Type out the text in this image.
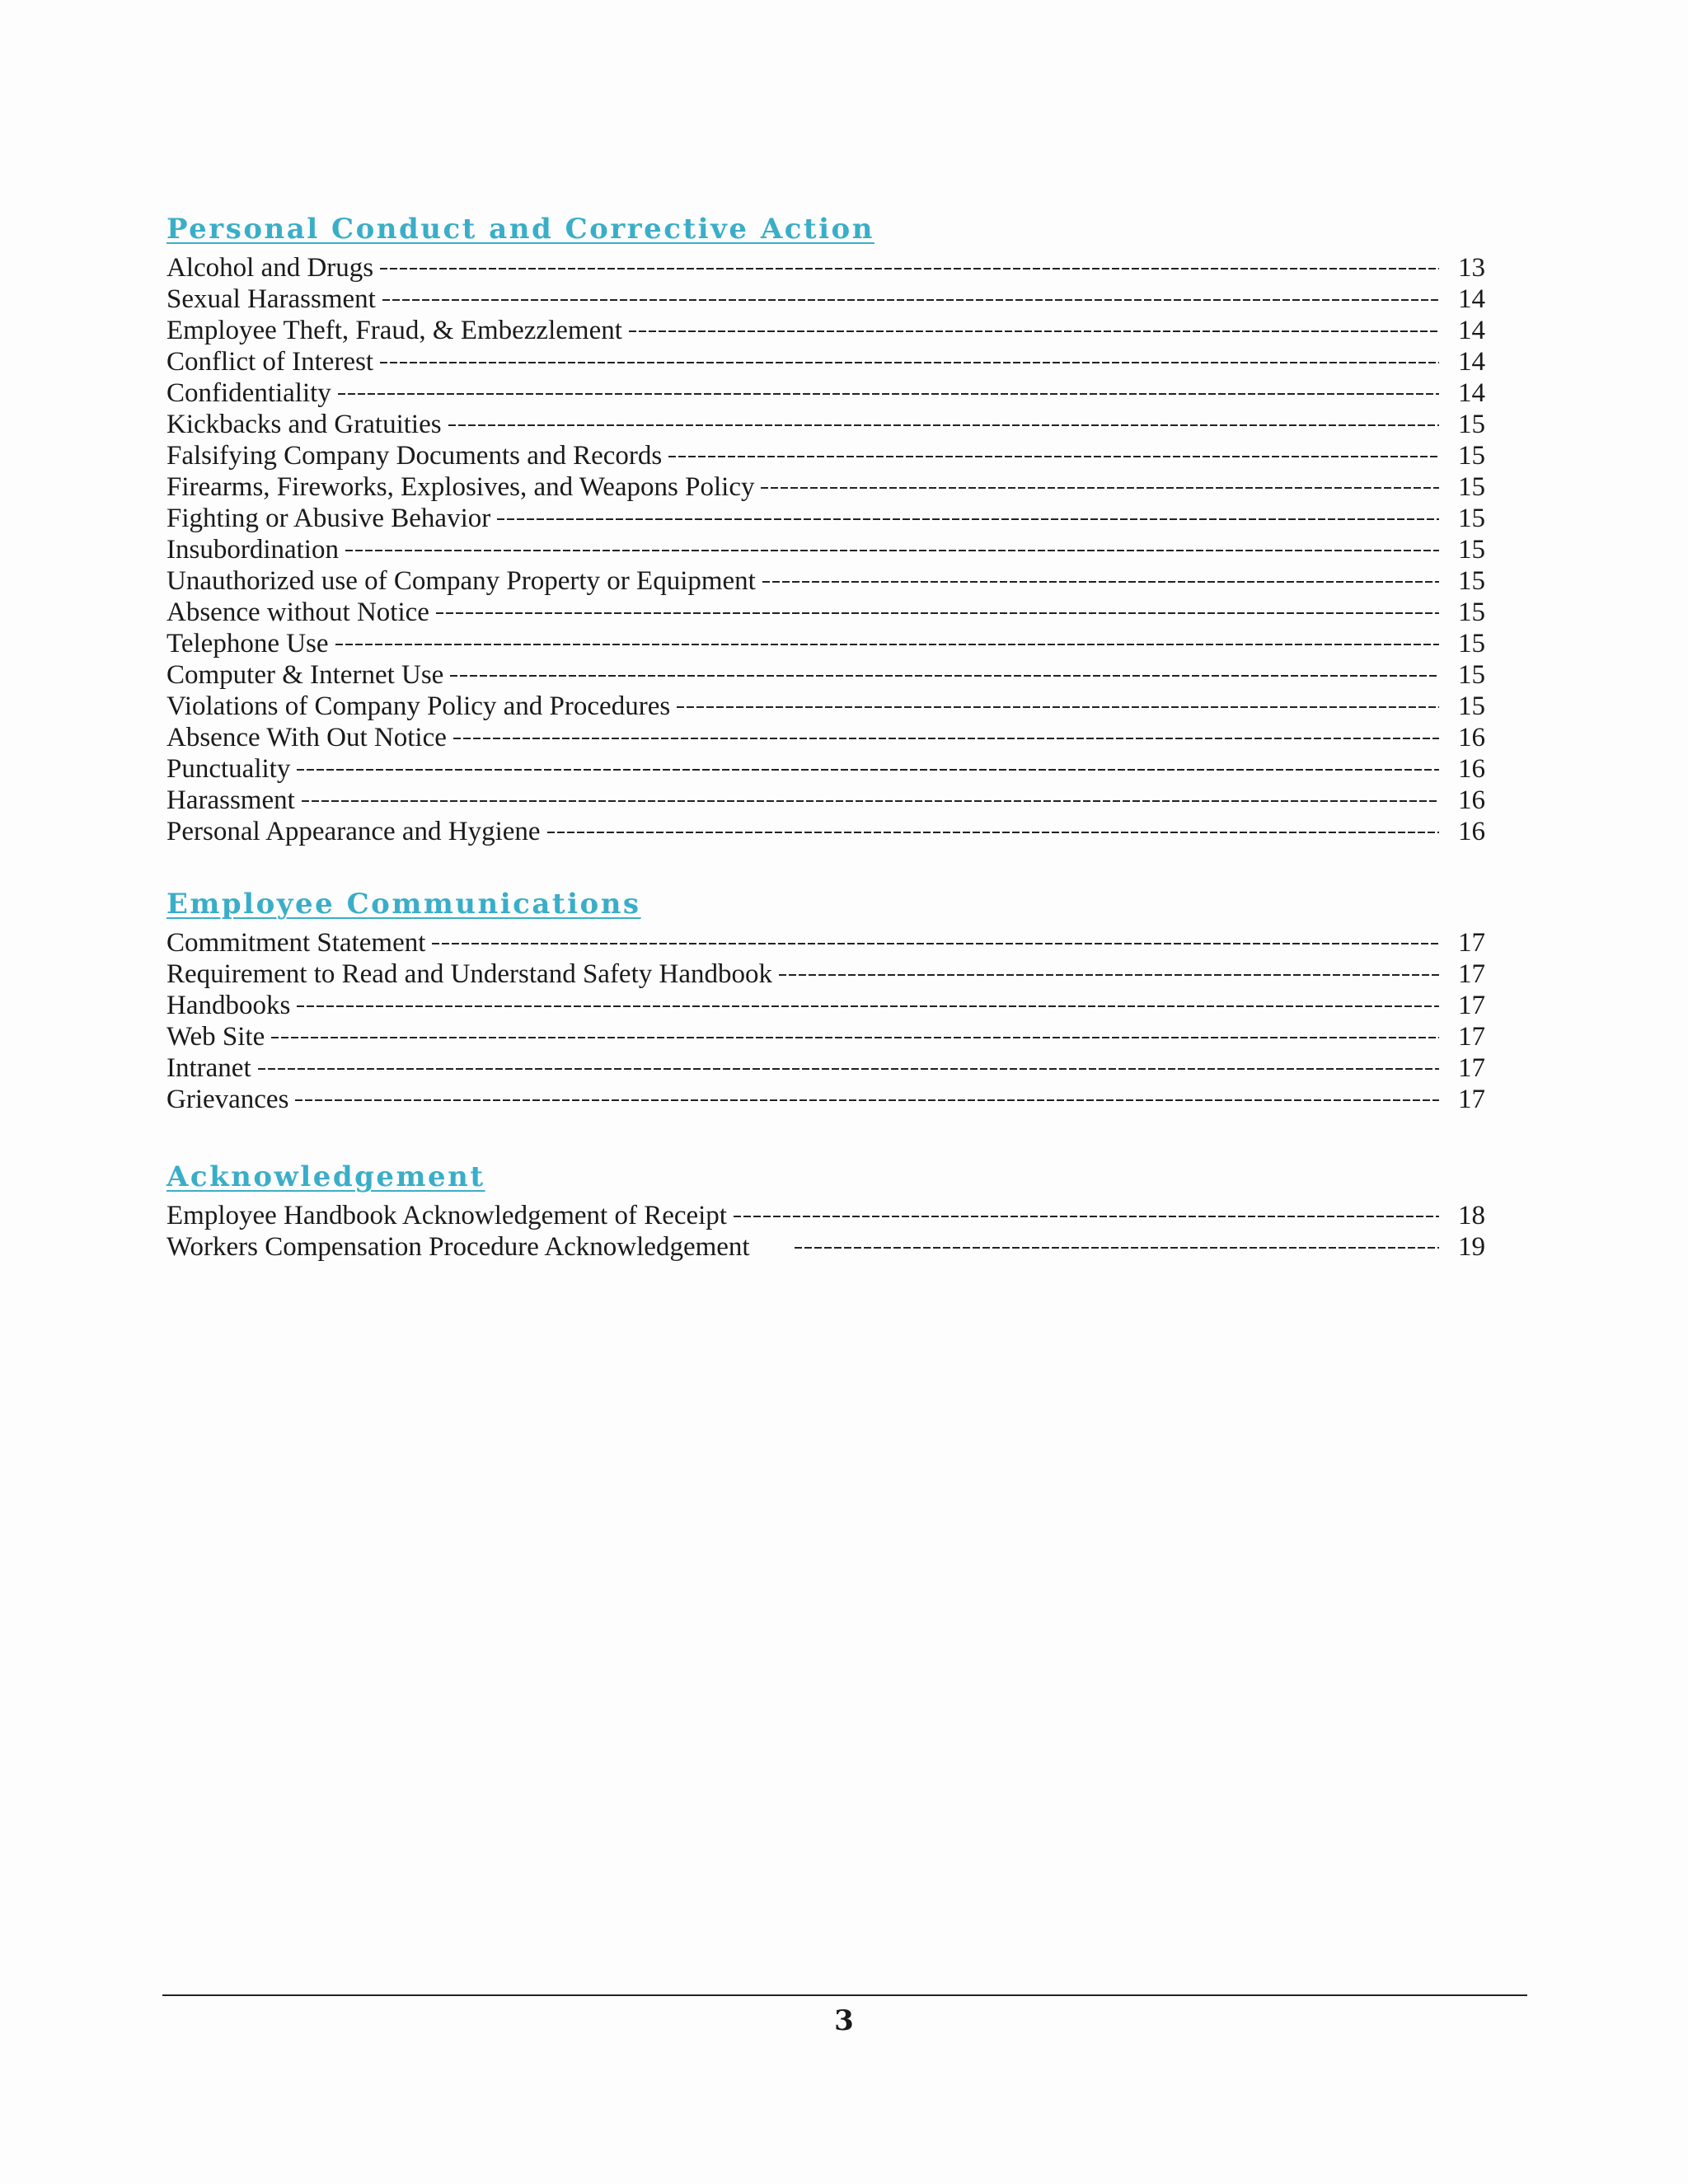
Personal Conduct and Corrective Action
Alcohol and Drugs	13
Sexual Harassment	14
Employee Theft, Fraud, & Embezzlement	14
Conflict of Interest	14
Confidentiality	14
Kickbacks and Gratuities	15
Falsifying Company Documents and Records	15
Firearms, Fireworks, Explosives, and Weapons Policy	15
Fighting or Abusive Behavior	15
Insubordination	15
Unauthorized use of Company Property or Equipment	15
Absence without Notice	15
Telephone Use	15
Computer & Internet Use	15
Violations of Company Policy and Procedures	15
Absence With Out Notice	16
Punctuality	16
Harassment	16
Personal Appearance and Hygiene	16
Employee Communications
Commitment Statement	17
Requirement to Read and Understand Safety Handbook	17
Handbooks	17
Web Site	17
Intranet	17
Grievances	17
Acknowledgement
Employee Handbook Acknowledgement of Receipt	18
Workers Compensation Procedure Acknowledgement	19
3
